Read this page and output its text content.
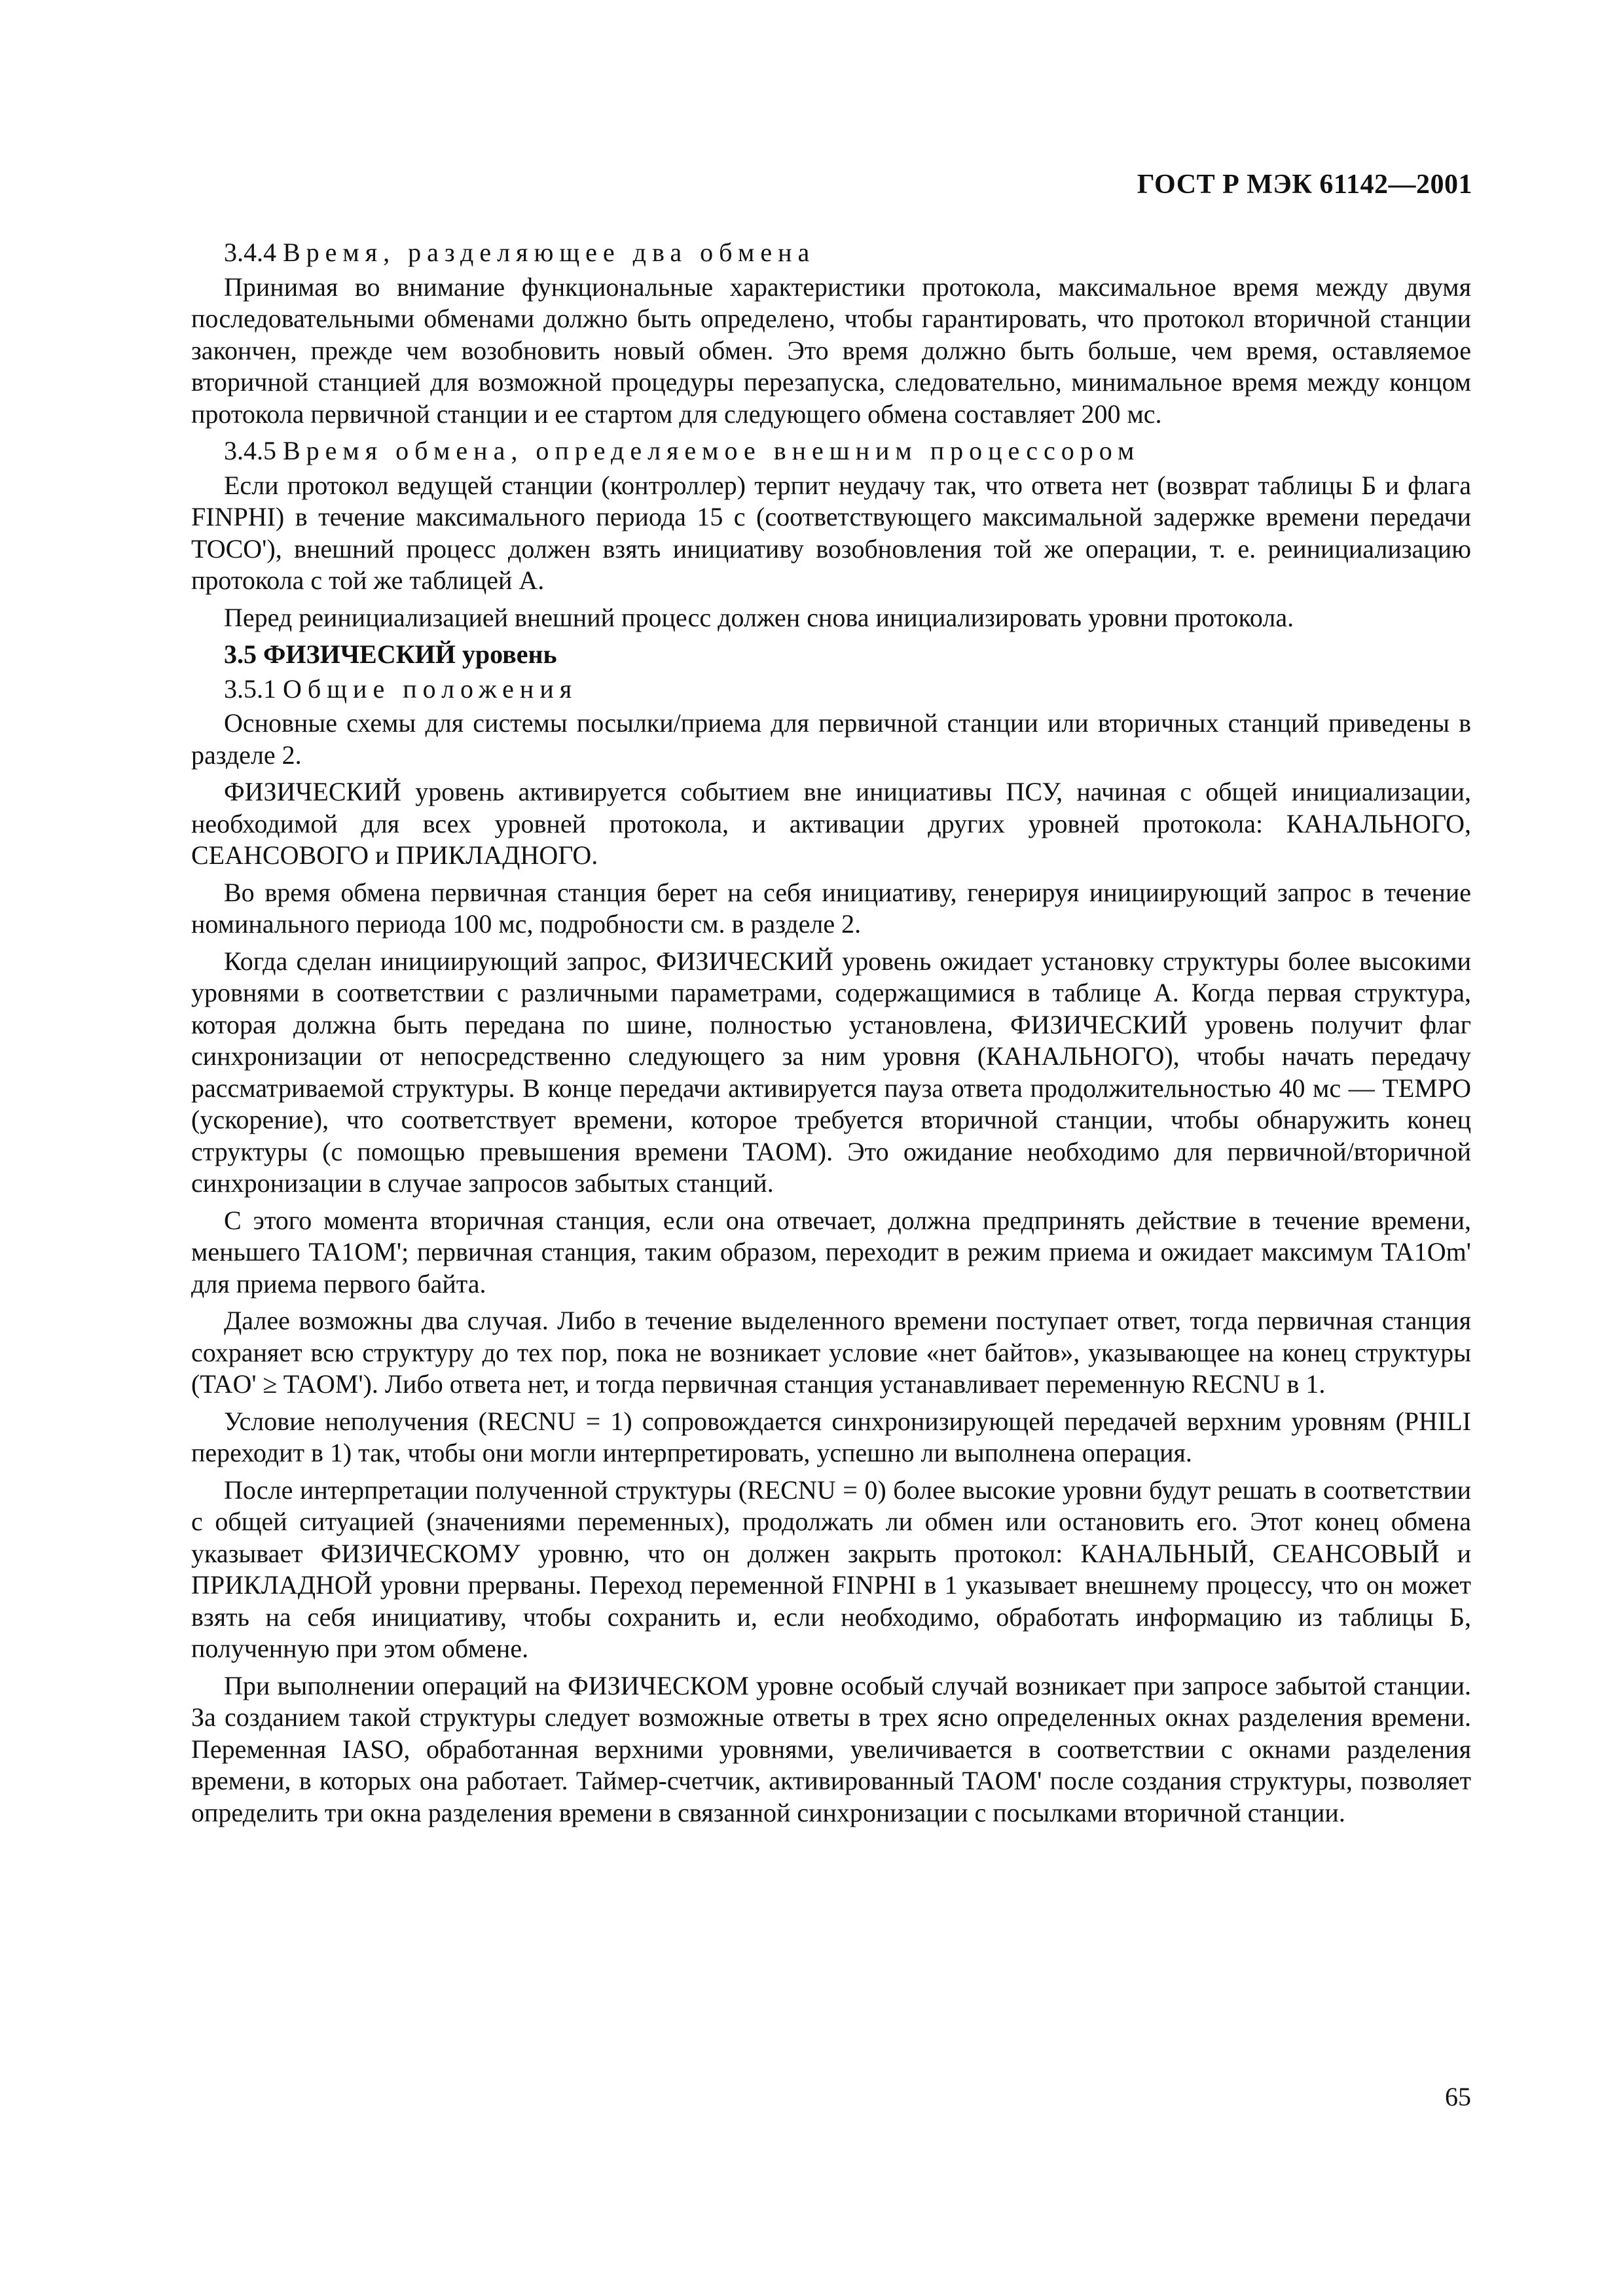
ГОСТ Р МЭК 61142—2001

3.4.4 Время, разделяющее два обмена

Принимая во внимание функциональные характеристики протокола, максимальное время между двумя последовательными обменами должно быть определено, чтобы гарантировать, что протокол вторичной станции закончен, прежде чем возобновить новый обмен. Это время должно быть больше, чем время, оставляемое вторичной станцией для возможной процедуры перезапуска, следовательно, минимальное время между концом протокола первичной станции и ее стартом для следующего обмена составляет 200 мс.

3.4.5 Время обмена, определяемое внешним процессором

Если протокол ведущей станции (контроллер) терпит неудачу так, что ответа нет (возврат таблицы Б и флага FINPHI) в течение максимального периода 15 с (соответствующего максимальной задержке времени передачи TOCO'), внешний процесс должен взять инициативу возобновления той же операции, т. е. реинициализацию протокола с той же таблицей А.

Перед реинициализацией внешний процесс должен снова инициализировать уровни протокола.

3.5 ФИЗИЧЕСКИЙ уровень

3.5.1 Общие положения

Основные схемы для системы посылки/приема для первичной станции или вторичных станций приведены в разделе 2.

ФИЗИЧЕСКИЙ уровень активируется событием вне инициативы ПСУ, начиная с общей инициализации, необходимой для всех уровней протокола, и активации других уровней протокола: КАНАЛЬНОГО, СЕАНСОВОГО и ПРИКЛАДНОГО.

Во время обмена первичная станция берет на себя инициативу, генерируя инициирующий запрос в течение номинального периода 100 мс, подробности см. в разделе 2.

Когда сделан инициирующий запрос, ФИЗИЧЕСКИЙ уровень ожидает установку структуры более высокими уровнями в соответствии с различными параметрами, содержащимися в таблице А. Когда первая структура, которая должна быть передана по шине, полностью установлена, ФИЗИЧЕСКИЙ уровень получит флаг синхронизации от непосредственно следующего за ним уровня (КАНАЛЬНОГО), чтобы начать передачу рассматриваемой структуры. В конце передачи активируется пауза ответа продолжительностью 40 мс — TEMPO (ускорение), что соответствует времени, которое требуется вторичной станции, чтобы обнаружить конец структуры (с помощью превышения времени TAOM). Это ожидание необходимо для первичной/вторичной синхронизации в случае запросов забытых станций.

С этого момента вторичная станция, если она отвечает, должна предпринять действие в течение времени, меньшего TA1OM'; первичная станция, таким образом, переходит в режим приема и ожидает максимум TA1Om' для приема первого байта.

Далее возможны два случая. Либо в течение выделенного времени поступает ответ, тогда первичная станция сохраняет всю структуру до тех пор, пока не возникает условие «нет байтов», указывающее на конец структуры (TAO' ≥ TAOM'). Либо ответа нет, и тогда первичная станция устанавливает переменную RECNU в 1.

Условие неполучения (RECNU = 1) сопровождается синхронизирующей передачей верхним уровням (PHILI переходит в 1) так, чтобы они могли интерпретировать, успешно ли выполнена операция.

После интерпретации полученной структуры (RECNU = 0) более высокие уровни будут решать в соответствии с общей ситуацией (значениями переменных), продолжать ли обмен или остановить его. Этот конец обмена указывает ФИЗИЧЕСКОМУ уровню, что он должен закрыть протокол: КАНАЛЬНЫЙ, СЕАНСОВЫЙ и ПРИКЛАДНОЙ уровни прерваны. Переход переменной FINPHI в 1 указывает внешнему процессу, что он может взять на себя инициативу, чтобы сохранить и, если необходимо, обработать информацию из таблицы Б, полученную при этом обмене.

При выполнении операций на ФИЗИЧЕСКОМ уровне особый случай возникает при запросе забытой станции. За созданием такой структуры следует возможные ответы в трех ясно определенных окнах разделения времени. Переменная IASO, обработанная верхними уровнями, увеличивается в соответствии с окнами разделения времени, в которых она работает. Таймер-счетчик, активированный TAOM' после создания структуры, позволяет определить три окна разделения времени в связанной синхронизации с посылками вторичной станции.

65
